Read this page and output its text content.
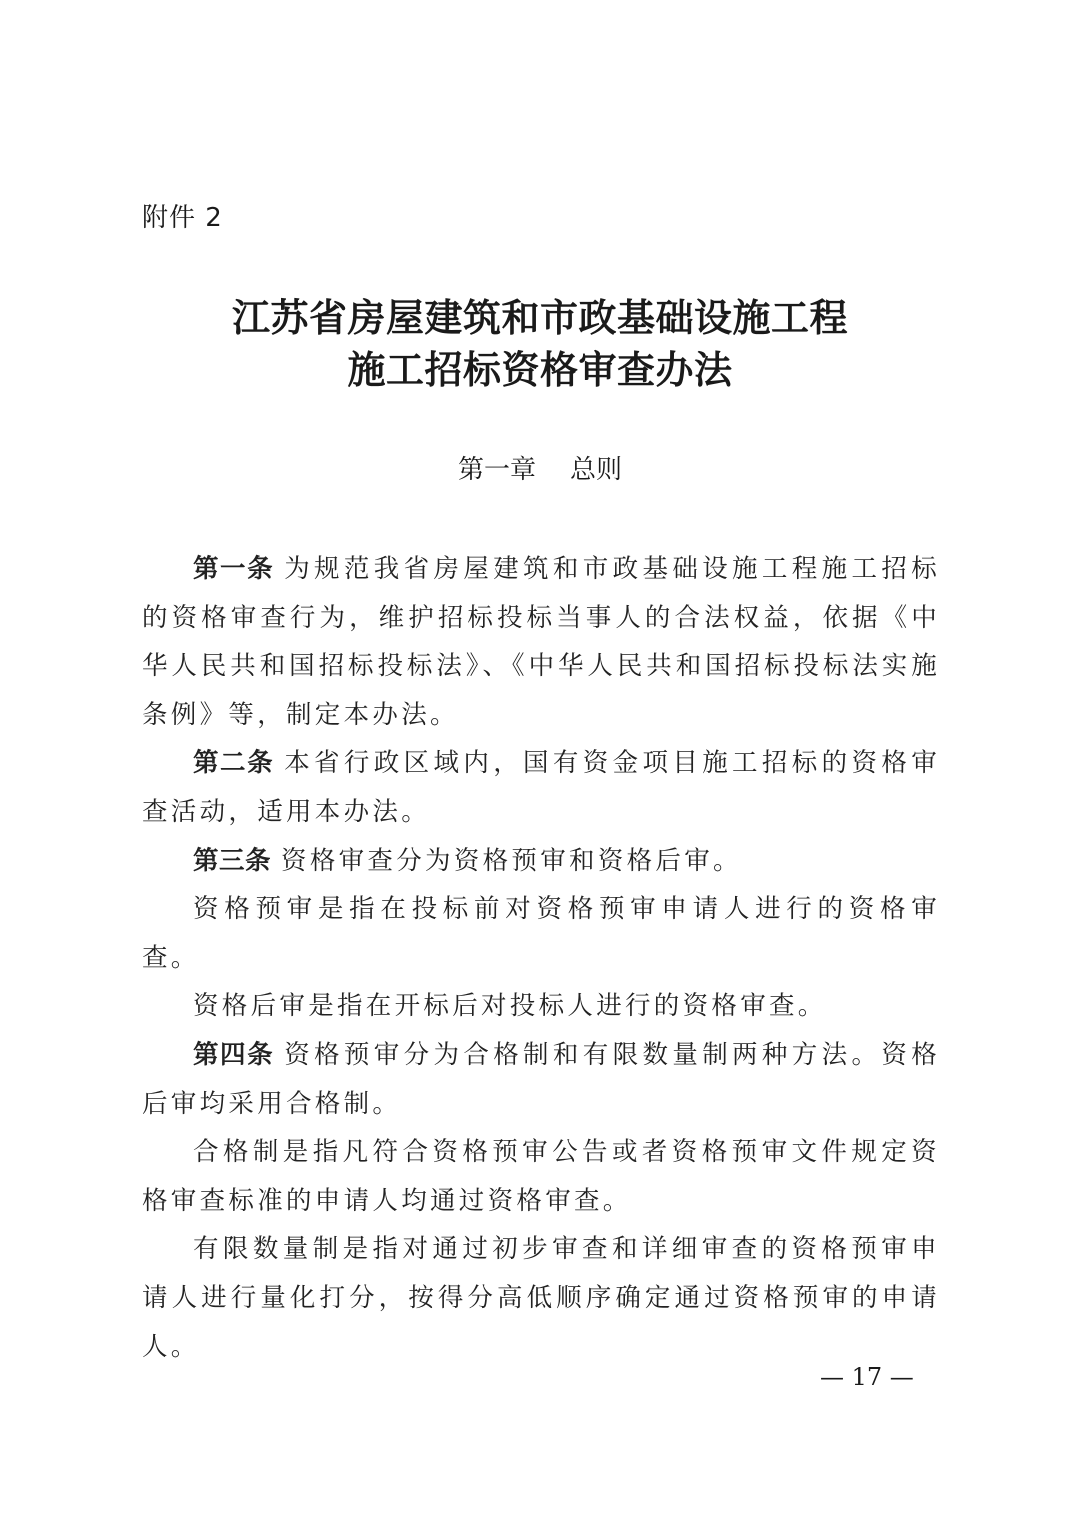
附件 2
江苏省房屋建筑和市政基础设施工程
施工招标资格审查办法
第一章 总则

第一条 为规范我省房屋建筑和市政基础设施工程施工招标的资格审查行为，维护招标投标当事人的合法权益，依据《中华人民共和国招标投标法》、《中华人民共和国招标投标法实施条例》等，制定本办法。

第二条 本省行政区域内，国有资金项目施工招标的资格审查活动，适用本办法。

第三条 资格审查分为资格预审和资格后审。

资格预审是指在投标前对资格预审申请人进行的资格审查。

资格后审是指在开标后对投标人进行的资格审查。

第四条 资格预审分为合格制和有限数量制两种方法。资格后审均采用合格制。

合格制是指凡符合资格预审公告或者资格预审文件规定资格审查标准的申请人均通过资格审查。

有限数量制是指对通过初步审查和详细审查的资格预审申请人进行量化打分，按得分高低顺序确定通过资格预审的申请人。

— 17 —
